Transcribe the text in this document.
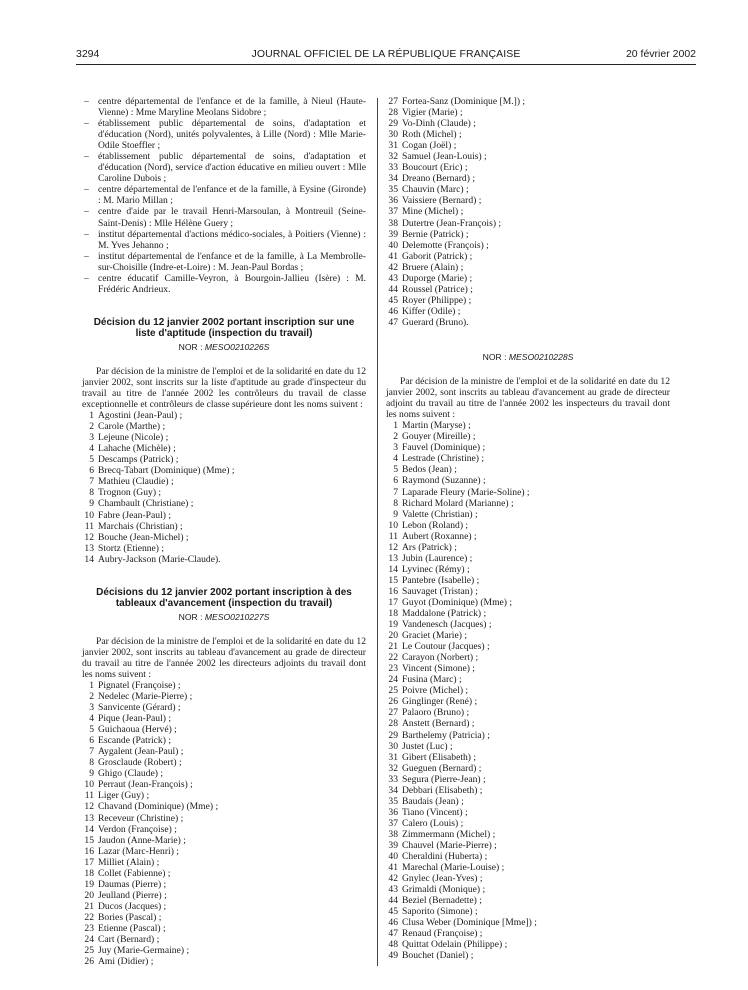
3294	JOURNAL OFFICIEL DE LA RÉPUBLIQUE FRANÇAISE	20 février 2002
– centre départemental de l'enfance et de la famille, à Nieul (Haute-Vienne) : Mme Maryline Meolans Sidobre ;
– établissement public départemental de soins, d'adaptation et d'éducation (Nord), unités polyvalentes, à Lille (Nord) : Mlle Marie-Odile Stoeffler ;
– établissement public départemental de soins, d'adaptation et d'éducation (Nord), service d'action éducative en milieu ouvert : Mlle Caroline Dubois ;
– centre départemental de l'enfance et de la famille, à Eysine (Gironde) : M. Mario Millan ;
– centre d'aide par le travail Henri-Marsoulan, à Montreuil (Seine-Saint-Denis) : Mlle Hélène Guery ;
– institut départemental d'actions médico-sociales, à Poitiers (Vienne) : M. Yves Jehanno ;
– institut départemental de l'enfance et de la famille, à La Membrolle-sur-Choisille (Indre-et-Loire) : M. Jean-Paul Bordas ;
– centre éducatif Camille-Veyron, à Bourgoin-Jallieu (Isère) : M. Frédéric Andrieux.

Décision du 12 janvier 2002 portant inscription sur une liste d'aptitude (inspection du travail)

NOR : MESO0210226S

Par décision de la ministre de l'emploi et de la solidarité en date du 12 janvier 2002, sont inscrits sur la liste d'aptitude au grade d'inspecteur du travail au titre de l'année 2002 les contrôleurs du travail de classe exceptionnelle et contrôleurs de classe supérieure dont les noms suivent :

1 Agostini (Jean-Paul) ;
2 Carole (Marthe) ;
3 Lejeune (Nicole) ;
4 Lahache (Michèle) ;
5 Descamps (Patrick) ;
6 Brecq-Tabart (Dominique) (Mme) ;
7 Mathieu (Claudie) ;
8 Trognon (Guy) ;
9 Chambault (Christiane) ;
10 Fabre (Jean-Paul) ;
11 Marchais (Christian) ;
12 Bouche (Jean-Michel) ;
13 Stortz (Etienne) ;
14 Aubry-Jackson (Marie-Claude).

Décisions du 12 janvier 2002 portant inscription à des tableaux d'avancement (inspection du travail)

NOR : MESO0210227S

Par décision de la ministre de l'emploi et de la solidarité en date du 12 janvier 2002, sont inscrits au tableau d'avancement au grade de directeur du travail au titre de l'année 2002 les directeurs adjoints du travail dont les noms suivent :

1 Pignatel (Françoise) ;
2 Nedelec (Marie-Pierre) ;
3 Sanvicente (Gérard) ;
4 Pique (Jean-Paul) ;
5 Guichaoua (Hervé) ;
6 Escande (Patrick) ;
7 Aygalent (Jean-Paul) ;
8 Grosclaude (Robert) ;
9 Ghigo (Claude) ;
10 Perraut (Jean-François) ;
11 Liger (Guy) ;
12 Chavand (Dominique) (Mme) ;
13 Receveur (Christine) ;
14 Verdon (Françoise) ;
15 Jaudon (Anne-Marie) ;
16 Lazar (Marc-Henri) ;
17 Milliet (Alain) ;
18 Collet (Fabienne) ;
19 Daumas (Pierre) ;
20 Jeulland (Pierre) ;
21 Ducos (Jacques) ;
22 Bories (Pascal) ;
23 Etienne (Pascal) ;
24 Cart (Bernard) ;
25 Juy (Marie-Germaine) ;
26 Ami (Didier) ;
27 Fortea-Sanz (Dominique [M.]) ;
28 Vigier (Marie) ;
29 Vo-Dinh (Claude) ;
30 Roth (Michel) ;
31 Cogan (Joël) ;
32 Samuel (Jean-Louis) ;
33 Boucourt (Eric) ;
34 Dreano (Bernard) ;
35 Chauvin (Marc) ;
36 Vaissiere (Bernard) ;
37 Mine (Michel) ;
38 Dutertre (Jean-François) ;
39 Bernie (Patrick) ;
40 Delemotte (François) ;
41 Gaborit (Patrick) ;
42 Bruere (Alain) ;
43 Duporge (Marie) ;
44 Roussel (Patrice) ;
45 Royer (Philippe) ;
46 Kiffer (Odile) ;
47 Guerard (Bruno).

NOR : MESO0210228S

Par décision de la ministre de l'emploi et de la solidarité en date du 12 janvier 2002, sont inscrits au tableau d'avancement au grade de directeur adjoint du travail au titre de l'année 2002 les inspecteurs du travail dont les noms suivent :

1 Martin (Maryse) ;
2 Gouyer (Mireille) ;
3 Fauvel (Dominique) ;
4 Lestrade (Christine) ;
5 Bedos (Jean) ;
6 Raymond (Suzanne) ;
7 Laparade Fleury (Marie-Soline) ;
8 Richard Molard (Marianne) ;
9 Valette (Christian) ;
10 Lebon (Roland) ;
11 Aubert (Roxanne) ;
12 Ars (Patrick) ;
13 Jubin (Laurence) ;
14 Lyvinec (Rémy) ;
15 Pantebre (Isabelle) ;
16 Sauvaget (Tristan) ;
17 Guyot (Dominique) (Mme) ;
18 Maddalone (Patrick) ;
19 Vandenesch (Jacques) ;
20 Graciet (Marie) ;
21 Le Coutour (Jacques) ;
22 Carayon (Norbert) ;
23 Vincent (Simone) ;
24 Fusina (Marc) ;
25 Poivre (Michel) ;
26 Ginglinger (René) ;
27 Palaoro (Bruno) ;
28 Anstett (Bernard) ;
29 Barthelemy (Patricia) ;
30 Justet (Luc) ;
31 Gibert (Elisabeth) ;
32 Gueguen (Bernard) ;
33 Segura (Pierre-Jean) ;
34 Debbari (Elisabeth) ;
35 Baudais (Jean) ;
36 Tiano (Vincent) ;
37 Calero (Louis) ;
38 Zimmermann (Michel) ;
39 Chauvel (Marie-Pierre) ;
40 Cheraldini (Huberta) ;
41 Marechal (Marie-Louise) ;
42 Gnylec (Jean-Yves) ;
43 Grimaldi (Monique) ;
44 Beziel (Bernadette) ;
45 Saporito (Simone) ;
46 Clusa Weber (Dominique [Mme]) ;
47 Renaud (Françoise) ;
48 Quittat Odelain (Philippe) ;
49 Bouchet (Daniel) ;
